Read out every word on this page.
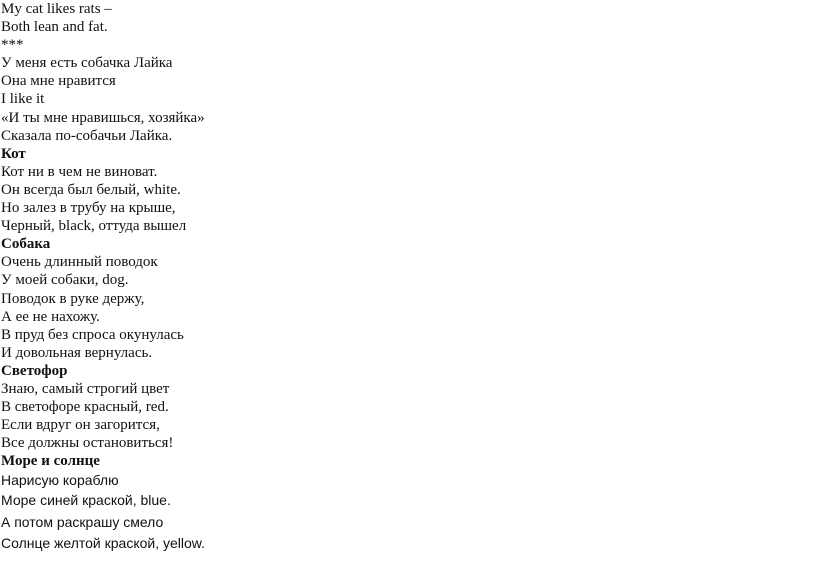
My cat likes rats –
Both lean and fat.
***
У меня есть собачка Лайка
Она мне нравится
I like it
«И ты мне нравишься, хозяйка»
Сказала по-собачьи Лайка.
Кот
Кот ни в чем не виноват.
Он всегда был белый, white.
Но залез в трубу на крыше,
Черный, black, оттуда вышел
Собака
Очень длинный поводок
У моей собаки, dog.
Поводок в руке держу,
А ее не нахожу.
В пруд без спроса окунулась
И довольная вернулась.
Светофор
Знаю, самый строгий цвет
В светофоре красный, red.
Если вдруг он загорится,
Все должны остановиться!
Море и солнце
Нарисую кораблю
Море синей краской, blue.
А потом раскрашу смело
Солнце желтой краской, yellow.
